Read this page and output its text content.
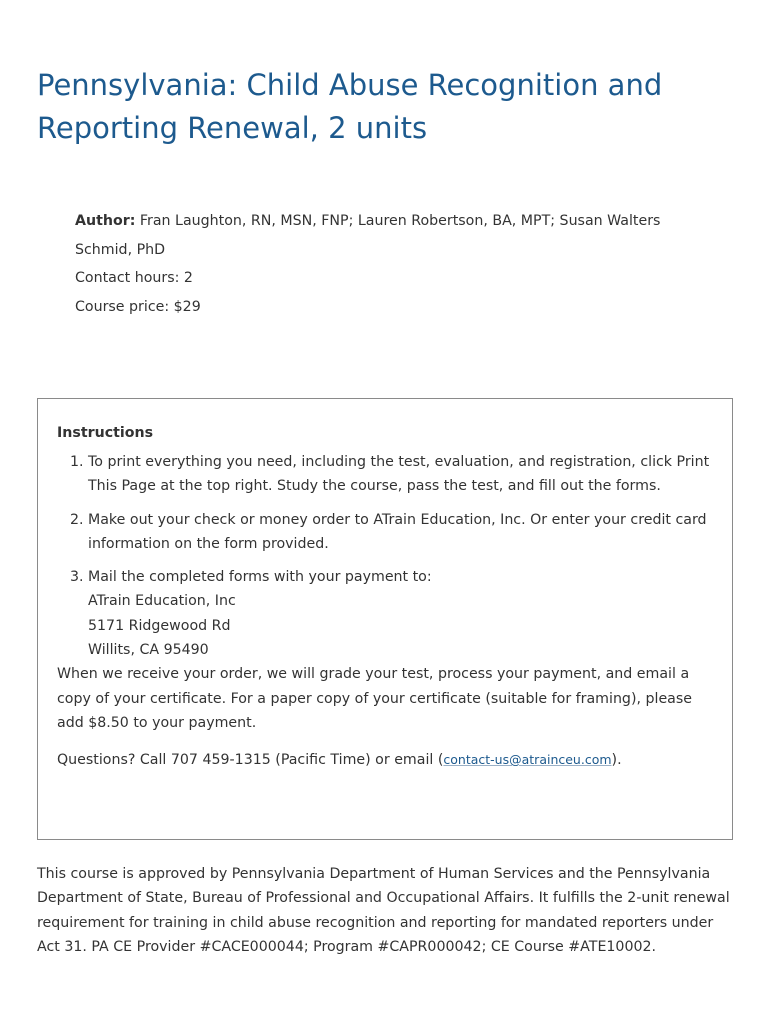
Pennsylvania: Child Abuse Recognition and Reporting Renewal, 2 units

Author: Fran Laughton, RN, MSN, FNP; Lauren Robertson, BA, MPT; Susan Walters Schmid, PhD

Contact hours: 2

Course price: $29

Instructions

1. To print everything you need, including the test, evaluation, and registration, click Print This Page at the top right. Study the course, pass the test, and fill out the forms.
2. Make out your check or money order to ATrain Education, Inc. Or enter your credit card information on the form provided.
3. Mail the completed forms with your payment to:
ATrain Education, Inc
5171 Ridgewood Rd
Willits, CA 95490

When we receive your order, we will grade your test, process your payment, and email a copy of your certificate. For a paper copy of your certificate (suitable for framing), please add $8.50 to your payment.

Questions? Call 707 459-1315 (Pacific Time) or email (contact-us@atrainceu.com).

This course is approved by Pennsylvania Department of Human Services and the Pennsylvania Department of State, Bureau of Professional and Occupational Affairs. It fulfills the 2-unit renewal requirement for training in child abuse recognition and reporting for mandated reporters under Act 31. PA CE Provider #CACE000044; Program #CAPR000042; CE Course #ATE10002.
